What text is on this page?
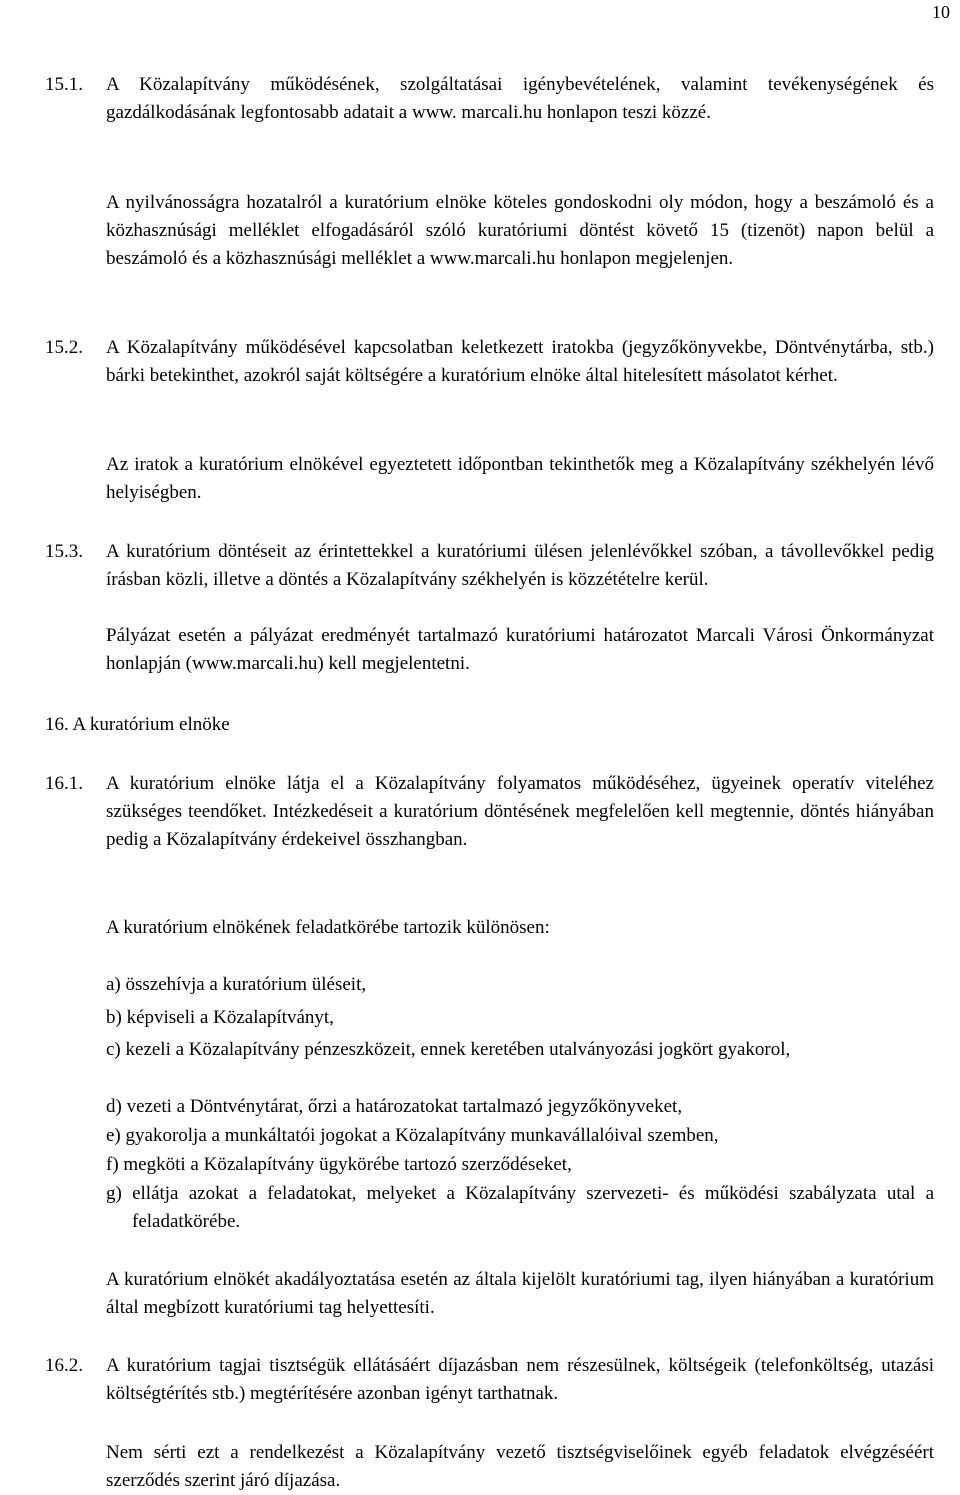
10
15.1. A Közalapítvány működésének, szolgáltatásai igénybevételének, valamint tevékenységének és gazdálkodásának legfontosabb adatait a www. marcali.hu honlapon teszi közzé.
A nyilvánosságra hozatalról a kuratórium elnöke köteles gondoskodni oly módon, hogy a beszámoló és a közhasznúsági melléklet elfogadásáról szóló kuratóriumi döntést követő 15 (tizenöt) napon belül a beszámoló és a közhasznúsági melléklet a www.marcali.hu honlapon megjelenjen.
15.2. A Közalapítvány működésével kapcsolatban keletkezett iratokba (jegyzőkönyvekbe, Döntvénytárba, stb.) bárki betekinthet, azokról saját költségére a kuratórium elnöke által hitelesített másolatot kérhet.
Az iratok a kuratórium elnökével egyeztetett időpontban tekinthetők meg a Közalapítvány székhelyén lévő helyiségben.
15.3. A kuratórium döntéseit az érintettekkel a kuratóriumi ülésen jelenlévőkkel szóban, a távollevőkkel pedig írásban közli, illetve a döntés a Közalapítvány székhelyén is közzétételre kerül.
Pályázat esetén a pályázat eredményét tartalmazó kuratóriumi határozatot Marcali Városi Önkormányzat honlapján (www.marcali.hu) kell megjelentetni.
16. A kuratórium elnöke
16.1. A kuratórium elnöke látja el a Közalapítvány folyamatos működéséhez, ügyeinek operatív viteléhez szükséges teendőket. Intézkedéseit a kuratórium döntésének megfelelően kell megtennie, döntés hiányában pedig a Közalapítvány érdekeivel összhangban.
A kuratórium elnökének feladatkörébe tartozik különösen:
a) összehívja a kuratórium üléseit,
b) képviseli a Közalapítványt,
c) kezeli a Közalapítvány pénzeszközeit, ennek keretében utalványozási jogkört gyakorol,
d) vezeti a Döntvénytárat, őrzi a határozatokat tartalmazó jegyzőkönyveket,
e) gyakorolja a munkáltatói jogokat a Közalapítvány munkavállalóival szemben,
f) megköti a Közalapítvány ügykörébe tartozó szerződéseket,
g) ellátja azokat a feladatokat, melyeket a Közalapítvány szervezeti- és működési szabályzata utal a feladatkörébe.
A kuratórium elnökét akadályoztatása esetén az általa kijelölt kuratóriumi tag, ilyen hiányában a kuratórium által megbízott kuratóriumi tag helyettesíti.
16.2. A kuratórium tagjai tisztségük ellátásáért díjazásban nem részesülnek, költségeik (telefonköltség, utazási költségtérítés stb.) megtérítésére azonban igényt tarthatnak.
Nem sérti ezt a rendelkezést a Közalapítvány vezető tisztségviselőinek egyéb feladatok elvégzéséért szerződés szerint járó díjazása.
